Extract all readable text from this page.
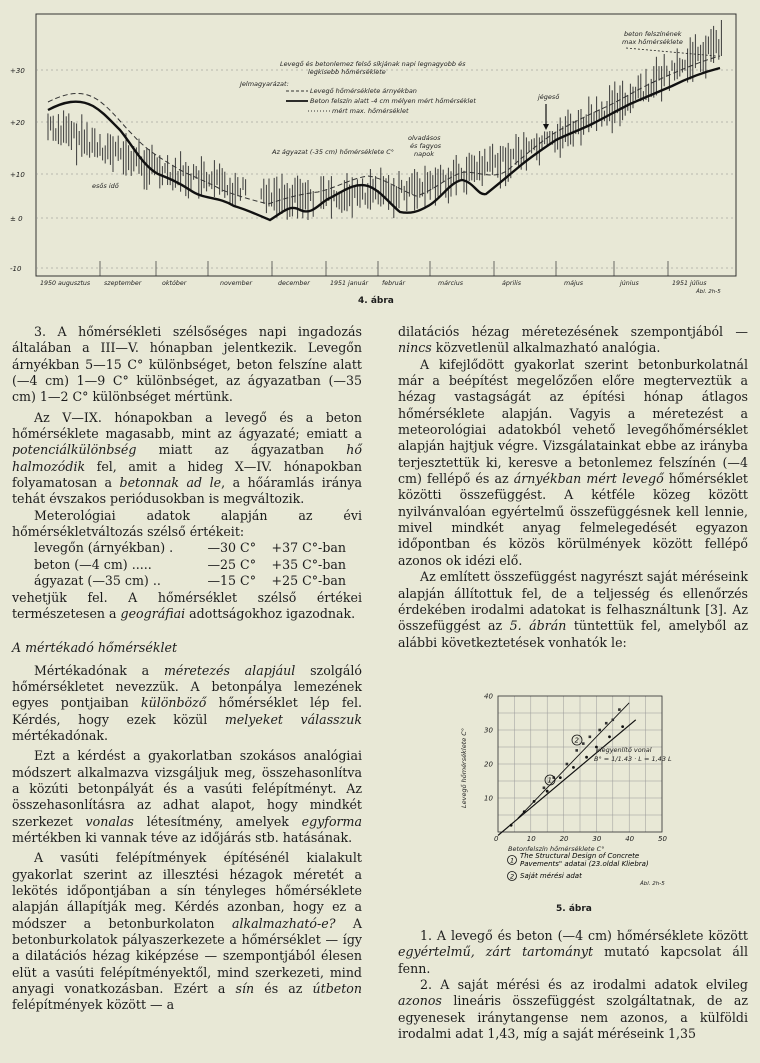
+30
+20
+10
± 0
-10
1950 augusztus szeptember	október	november	december	1951 január február	március	április	május	június	1951 július
Levegő és betonlemez felső síkjának napi legnagyobb és
legkisebb hőmérséklete
Jelmagyarázat:
Levegő hőmérséklete árnyékban
Beton felszín alatt -4 cm mélyen mért hőmérséklet
mért max. hőmérséklet
jégeső
beton felszínének
max hőmérséklete
Az ágyazat (-35 cm) hőmérséklete C°
olvadásos
és fagyos
napok
esős idő
Ábl. 2h-5
4. ábra

3. A hőmérsékleti szélsőséges napi ingadozás általában a III—V. hónapban jelentkezik. Levegőn árnyékban 5—15 C° különbséget, beton felszíne alatt (—4 cm) 1—9 C° különbséget, az ágyazatban (—35 cm) 1—2 C° különbséget mértünk.

Az V—IX. hónapokban a levegő és a beton hőmérséklete magasabb, mint az ágyazaté; emiatt a potenciálkülönbség miatt az ágyazatban hő halmozódik fel, amit a hideg X—IV. hónapokban folyamatosan a betonnak ad le, a hőáramlás iránya tehát évszakos periódusokban is megváltozik.

Meterológiai adatok alapján az évi hőmérsékletváltozás szélső értékeit:

levegőn (árnyékban) .	—30 C°	+37 C°-ban
beton (—4 cm) .....	—25 C°	+35 C°-ban
ágyazat (—35 cm) ..	—15 C°	+25 C°-ban

vehetjük fel. A hőmérséklet szélső értékei természetesen a geográfiai adottságokhoz igazodnak.

A mértékadó hőmérséklet

Mértékadónak a méretezés alapjául szolgáló hőmérsékletet nevezzük. A betonpálya lemezének egyes pontjaiban különböző hőmérséklet lép fel. Kérdés, hogy ezek közül melyeket válasszuk mértékadónak.

Ezt a kérdést a gyakorlatban szokásos analógiai módszert alkalmazva vizsgáljuk meg, összehasonlítva a közúti betonpályát és a vasúti felépítményt. Az összehasonlításra az adhat alapot, hogy mindkét szerkezet vonalas létesítmény, amelyek egyforma mértékben ki vannak téve az időjárás stb. hatásának.

A vasúti felépítmények építésénél kialakult gyakorlat szerint az illesztési hézagok méretét a lekötés időpontjában a sín tényleges hőmérséklete alapján állapítják meg. Kérdés azonban, hogy ez a módszer a betonburkolaton alkalmazható-e? A betonburkolatok pályaszerkezete a hőmérséklet — így a dilatációs hézag kiképzése — szempontjából élesen elüt a vasúti felépítményektől, mind szerkezeti, mind anyagi vonatkozásban. Ezért a sín és az útbeton felépítmények között — a

dilatációs hézag méretezésének szempontjából — nincs közvetlenül alkalmazható analógia.

A kifejlődött gyakorlat szerint betonburkolatnál már a beépítést megelőzően előre megterveztük a hézag vastagságát az építési hónap átlagos hőmérséklete alapján. Vagyis a méretezést a meteorológiai adatokból vehető levegőhőmérséklet alapján hajtjuk végre. Vizsgálatainkat ebbe az irányba terjesztettük ki, keresve a betonlemez felszínén (—4 cm) fellépő és az árnyékban mért levegő hőmérséklet közötti összefüggést. A kétféle közeg között nyilvánvalóan egyértelmű összefüggésnek kell lennie, mivel mindkét anyag felmelegedését egyazon időpontban és közös körülmények között fellépő azonos ok idézi elő.

Az említett összefüggést nagyrészt saját méréseink alapján állítottuk fel, de a teljesség és ellenőrzés érdekében irodalmi adatokat is felhasználtunk [3]. Az összefüggést az 5. ábrán tüntettük fel, amelyből az alábbi következtetések vonhatók le:

0	10	20	30	40	50
40
30
20
10
Levegő hőmérséklete C°
Betonfelszín hőmérséklete C°
kiegyenlítő vonal
B° = 1/1.43 · L = 1,43 L
2
1
1
The Structural Design of Concrete
Pavements" adatai (23.oldal Kliebra)
2 Saját mérési adat
Ábl. 2h-5
5. ábra

1. A levegő és beton (—4 cm) hőmérséklete között egyértelmű, zárt tartományt mutató kapcsolat áll fenn.

2. A saját mérési és az irodalmi adatok elvileg azonos lineáris összefüggést szolgáltatnak, de az egyenesek iránytangense nem azonos, a külföldi irodalmi adat 1,43, míg a saját méréseink 1,35
